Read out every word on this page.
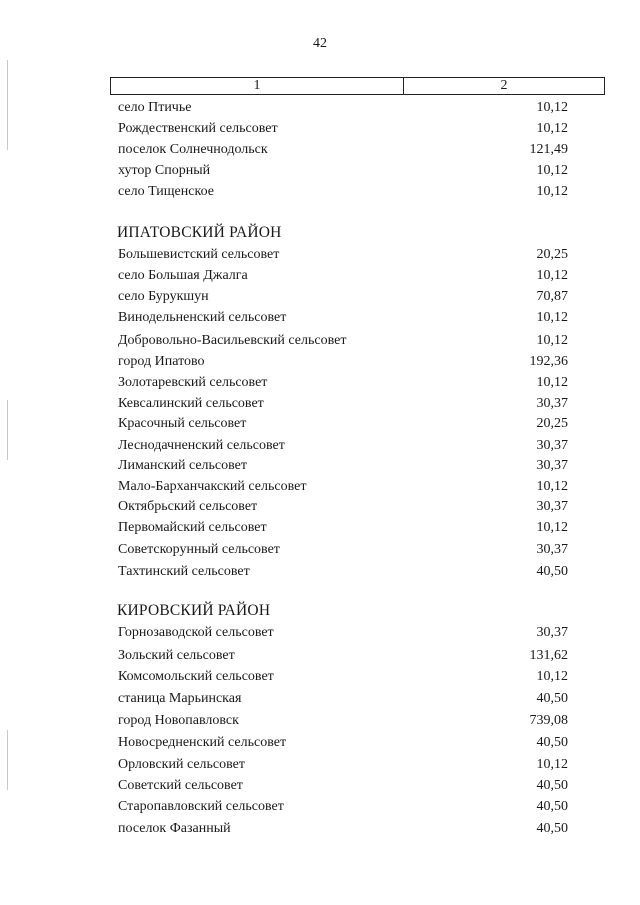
42
1	2
село Птичье	10,12
Рождественский сельсовет	10,12
поселок Солнечнодольск	121,49
хутор Спорный	10,12
село Тищенское	10,12
ИПАТОВСКИЙ РАЙОН
Большевистский сельсовет	20,25
село Большая Джалга	10,12
село Бурукшун	70,87
Винодельненский сельсовет	10,12
Добровольно-Васильевский сельсовет	10,12
город Ипатово	192,36
Золотаревский сельсовет	10,12
Кевсалинский сельсовет	30,37
Красочный сельсовет	20,25
Леснодачненский сельсовет	30,37
Лиманский сельсовет	30,37
Мало-Барханчакский сельсовет	10,12
Октябрьский сельсовет	30,37
Первомайский сельсовет	10,12
Советскорунный сельсовет	30,37
Тахтинский сельсовет	40,50
КИРОВСКИЙ РАЙОН
Горнозаводской сельсовет	30,37
Зольский сельсовет	131,62
Комсомольский сельсовет	10,12
станица Марьинская	40,50
город Новопавловск	739,08
Новосредненский сельсовет	40,50
Орловский сельсовет	10,12
Советский сельсовет	40,50
Старопавловский сельсовет	40,50
поселок Фазанный	40,50
